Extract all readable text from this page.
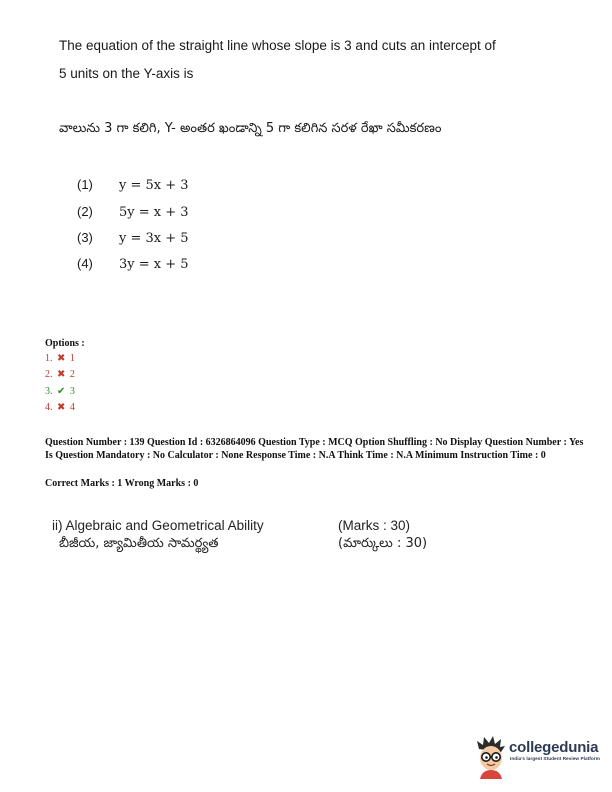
The equation of the straight line whose slope is 3 and cuts an intercept of
5 units on the Y-axis is
వాలును 3 గా కలిగి, Y- అంతర ఖండాన్ని 5 గా కలిగిన సరళ రేఖా సమీకరణం
(1) y = 5x + 3
(2) 5y = x + 3
(3) y = 3x + 5
(4) 3y = x + 5
Options :
1. ✖ 1
2. ✖ 2
3. ✔ 3
4. ✖ 4
Question Number : 139 Question Id : 6326864096 Question Type : MCQ Option Shuffling : No Display Question Number : Yes Is Question Mandatory : No Calculator : None Response Time : N.A Think Time : N.A Minimum Instruction Time : 0
Correct Marks : 1 Wrong Marks : 0
ii) Algebraic and Geometrical Ability	(Marks : 30)
బీజీయ, జ్యామితీయ సామర్థ్యత	(మార్కులు : 30)
collegedunia
India's largest Student Review Platform
